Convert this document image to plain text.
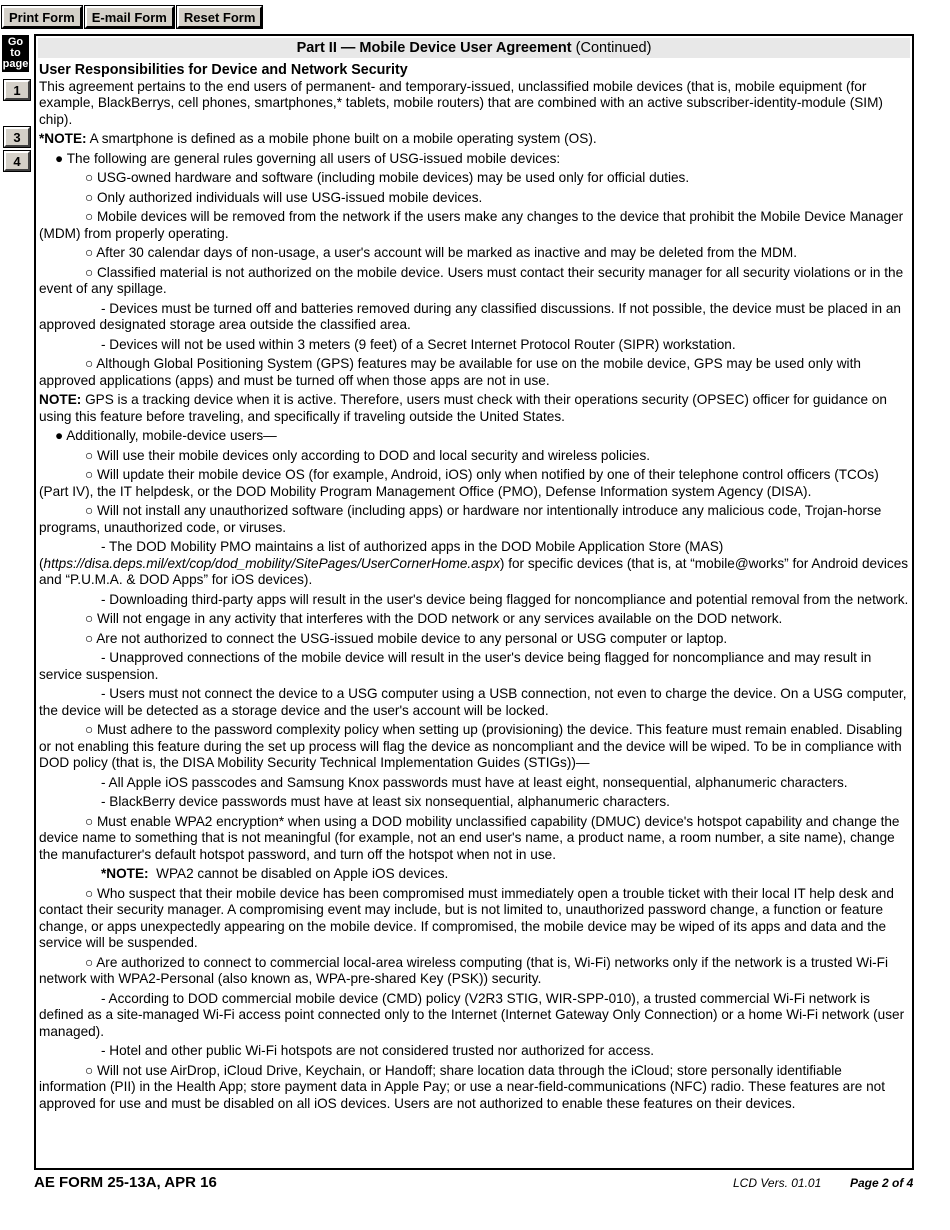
Print Form	E-mail Form	Reset Form
Go to page
1
3
4
Part II — Mobile Device User Agreement (Continued)

User Responsibilities for Device and Network Security

This agreement pertains to the end users of permanent- and temporary-issued, unclassified mobile devices (that is, mobile equipment (for example, BlackBerrys, cell phones, smartphones,* tablets, mobile routers) that are combined with an active subscriber-identity-module (SIM) chip).

*NOTE: A smartphone is defined as a mobile phone built on a mobile operating system (OS).

● The following are general rules governing all users of USG-issued mobile devices:

○ USG-owned hardware and software (including mobile devices) may be used only for official duties.

○ Only authorized individuals will use USG-issued mobile devices.

○ Mobile devices will be removed from the network if the users make any changes to the device that prohibit the Mobile Device Manager (MDM) from properly operating.

○ After 30 calendar days of non-usage, a user's account will be marked as inactive and may be deleted from the MDM.

○ Classified material is not authorized on the mobile device. Users must contact their security manager for all security violations or in the event of any spillage.

- Devices must be turned off and batteries removed during any classified discussions. If not possible, the device must be placed in an approved designated storage area outside the classified area.

- Devices will not be used within 3 meters (9 feet) of a Secret Internet Protocol Router (SIPR) workstation.

○ Although Global Positioning System (GPS) features may be available for use on the mobile device, GPS may be used only with approved applications (apps) and must be turned off when those apps are not in use.

NOTE: GPS is a tracking device when it is active. Therefore, users must check with their operations security (OPSEC) officer for guidance on using this feature before traveling, and specifically if traveling outside the United States.

● Additionally, mobile-device users—

○ Will use their mobile devices only according to DOD and local security and wireless policies.

○ Will update their mobile device OS (for example, Android, iOS) only when notified by one of their telephone control officers (TCOs) (Part IV), the IT helpdesk, or the DOD Mobility Program Management Office (PMO), Defense Information system Agency (DISA).

○ Will not install any unauthorized software (including apps) or hardware nor intentionally introduce any malicious code, Trojan-horse programs, unauthorized code, or viruses.

- The DOD Mobility PMO maintains a list of authorized apps in the DOD Mobile Application Store (MAS) (https://disa.deps.mil/ext/cop/dod_mobility/SitePages/UserCornerHome.aspx) for specific devices (that is, at “mobile@works” for Android devices and “P.U.M.A. & DOD Apps” for iOS devices).

- Downloading third-party apps will result in the user's device being flagged for noncompliance and potential removal from the network.

○ Will not engage in any activity that interferes with the DOD network or any services available on the DOD network.

○ Are not authorized to connect the USG-issued mobile device to any personal or USG computer or laptop.

- Unapproved connections of the mobile device will result in the user's device being flagged for noncompliance and may result in service suspension.

- Users must not connect the device to a USG computer using a USB connection, not even to charge the device. On a USG computer, the device will be detected as a storage device and the user's account will be locked.

○ Must adhere to the password complexity policy when setting up (provisioning) the device. This feature must remain enabled. Disabling or not enabling this feature during the set up process will flag the device as noncompliant and the device will be wiped. To be in compliance with DOD policy (that is, the DISA Mobility Security Technical Implementation Guides (STIGs))—

- All Apple iOS passcodes and Samsung Knox passwords must have at least eight, nonsequential, alphanumeric characters.

- BlackBerry device passwords must have at least six nonsequential, alphanumeric characters.

○ Must enable WPA2 encryption* when using a DOD mobility unclassified capability (DMUC) device's hotspot capability and change the device name to something that is not meaningful (for example, not an end user's name, a product name, a room number, a site name), change the manufacturer's default hotspot password, and turn off the hotspot when not in use.

*NOTE:  WPA2 cannot be disabled on Apple iOS devices.

○ Who suspect that their mobile device has been compromised must immediately open a trouble ticket with their local IT help desk and contact their security manager. A compromising event may include, but is not limited to, unauthorized password change, a function or feature change, or apps unexpectedly appearing on the mobile device. If compromised, the mobile device may be wiped of its apps and data and the service will be suspended.

○ Are authorized to connect to commercial local-area wireless computing (that is, Wi-Fi) networks only if the network is a trusted Wi-Fi network with WPA2-Personal (also known as, WPA-pre-shared Key (PSK)) security.

- According to DOD commercial mobile device (CMD) policy (V2R3 STIG, WIR-SPP-010), a trusted commercial Wi-Fi network is defined as a site-managed Wi-Fi access point connected only to the Internet (Internet Gateway Only Connection) or a home Wi-Fi network (user managed).

- Hotel and other public Wi-Fi hotspots are not considered trusted nor authorized for access.

○ Will not use AirDrop, iCloud Drive, Keychain, or Handoff; share location data through the iCloud; store personally identifiable information (PII) in the Health App; store payment data in Apple Pay; or use a near-field-communications (NFC) radio. These features are not approved for use and must be disabled on all iOS devices. Users are not authorized to enable these features on their devices.

AE FORM 25-13A, APR 16	LCD Vers. 01.01 Page 2 of 4
